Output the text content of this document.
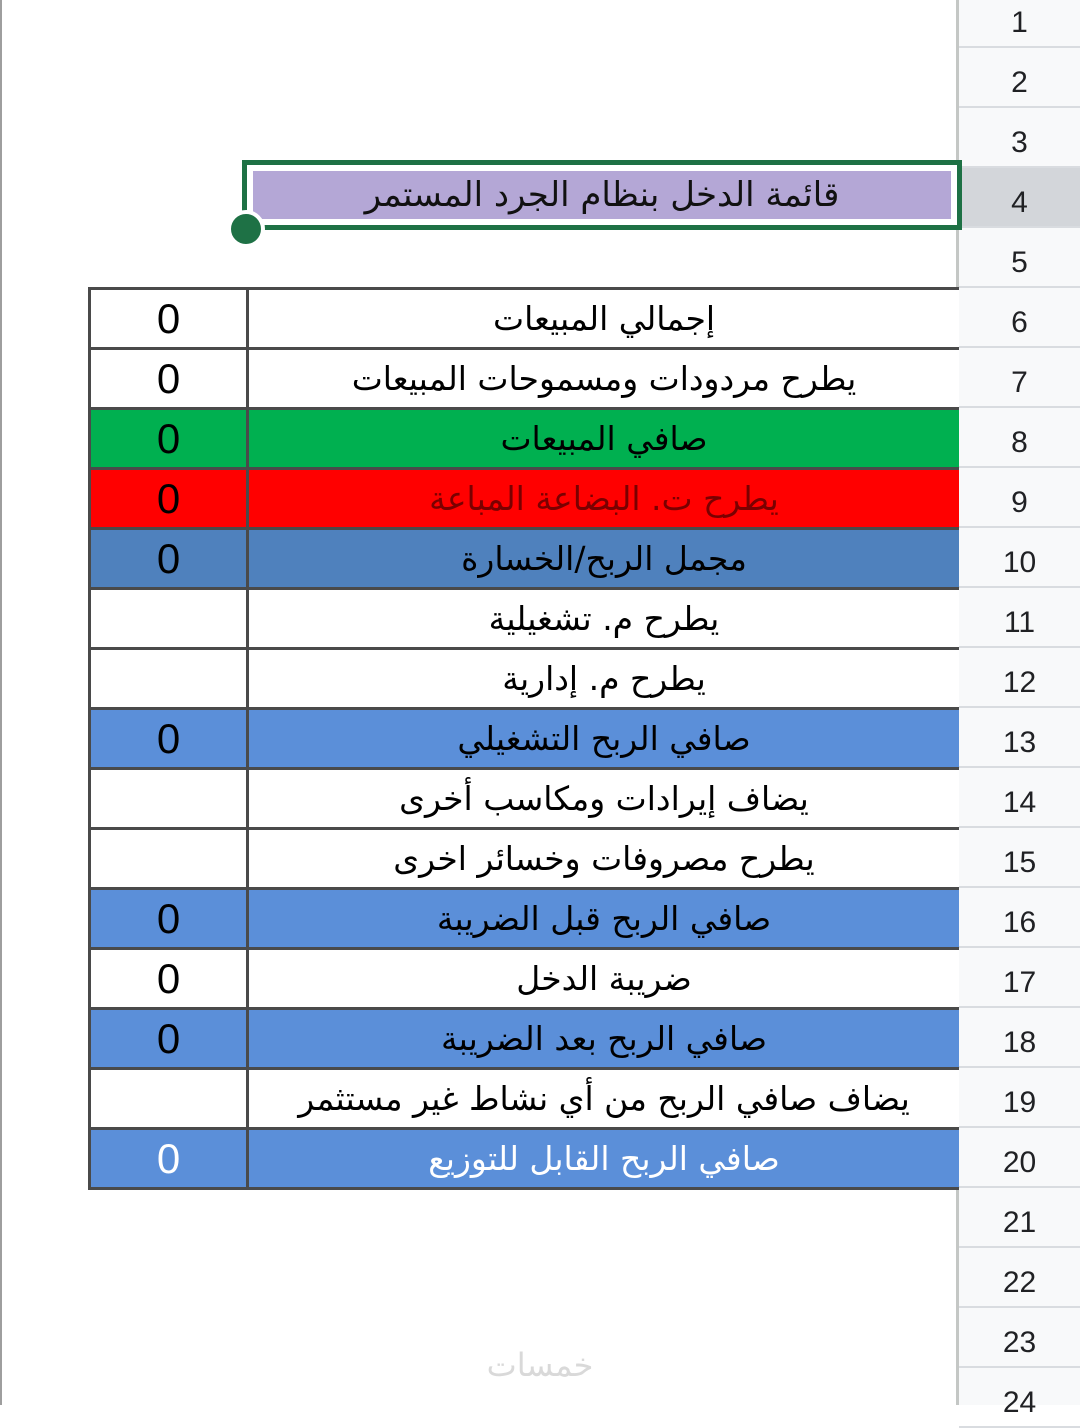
1
2
3
4
5
6
7
8
9
10
11
12
13
14
15
16
17
18
19
20
21
22
23
24
قائمة الدخل بنظام الجرد المستمر
0	إجمالي المبيعات
0	يطرح مردودات ومسموحات المبيعات
0	صافي المبيعات
0	يطرح ت. البضاعة المباعة
0	مجمل الربح/الخسارة
يطرح م. تشغيلية
يطرح م. إدارية
0	صافي الربح التشغيلي
يضاف إيرادات ومكاسب أخرى
يطرح مصروفات وخسائر اخرى
0	صافي الربح قبل الضريبة
0	ضريبة الدخل
0	صافي الربح بعد الضريبة
يضاف صافي الربح من أي نشاط غير مستثمر
0	صافي الربح القابل للتوزيع
خمسات
